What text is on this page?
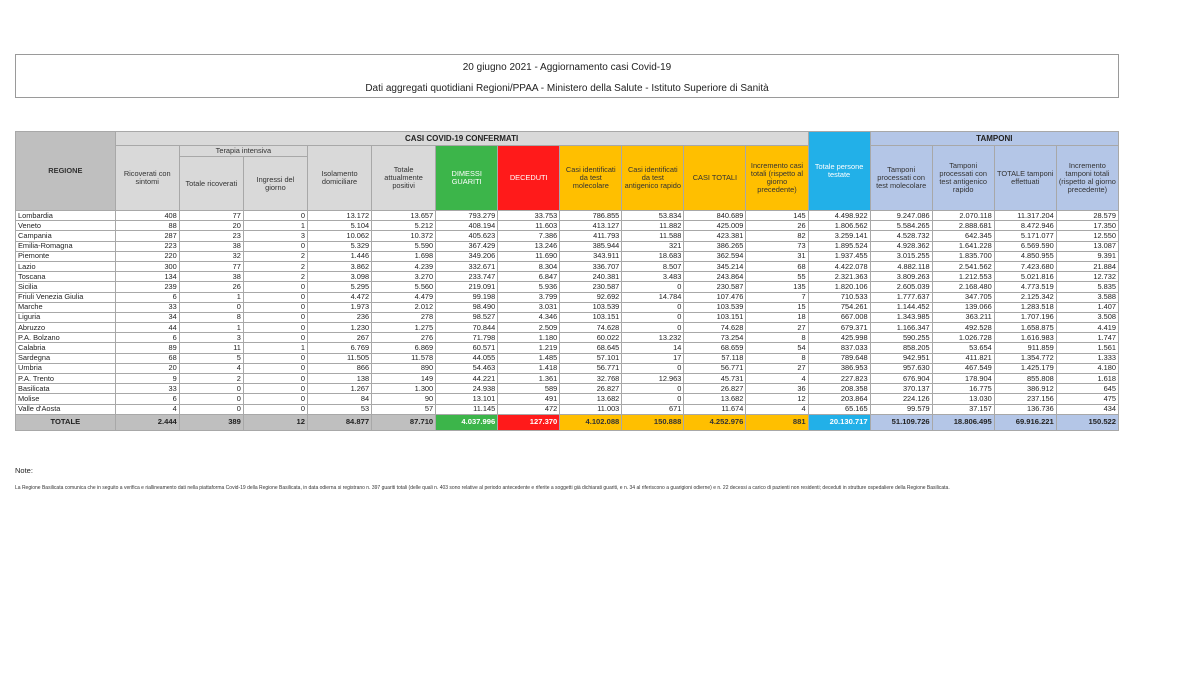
20 giugno 2021 - Aggiornamento casi Covid-19
Dati aggregati quotidiani Regioni/PPAA - Ministero della Salute - Istituto Superiore di Sanità
REGIONE	CASI COVID-19 CONFERMATI											Totale persone testate	TAMPONI			
	Ricoverati con sintomi	Terapia intensiva		Isolamento domiciliare	Totale attualmente positivi	DIMESSI GUARITI	DECEDUTI	Casi identificati da test molecolare	Casi identificati da test antigenico rapido	CASI TOTALI	Incremento casi totali (rispetto al giorno precedente)		Tamponi processati con test molecolare	Tamponi processati con test antigenico rapido	TOTALE tamponi effettuati	Incremento tamponi totali (rispetto al giorno precedente)
		Totale ricoverati	Ingressi del giorno													
Lombardia	408	77	0	13.172	13.657	793.279	33.753	786.855	53.834	840.689	145	4.498.922	9.247.086	2.070.118	11.317.204	28.579
Veneto	88	20	1	5.104	5.212	408.194	11.603	413.127	11.882	425.009	26	1.806.562	5.584.265	2.888.681	8.472.946	17.350
Campania	287	23	3	10.062	10.372	405.623	7.386	411.793	11.588	423.381	82	3.259.141	4.528.732	642.345	5.171.077	12.550
Emilia-Romagna	223	38	0	5.329	5.590	367.429	13.246	385.944	321	386.265	73	1.895.524	4.928.362	1.641.228	6.569.590	13.087
Piemonte	220	32	2	1.446	1.698	349.206	11.690	343.911	18.683	362.594	31	1.937.455	3.015.255	1.835.700	4.850.955	9.391
Lazio	300	77	2	3.862	4.239	332.671	8.304	336.707	8.507	345.214	68	4.422.078	4.882.118	2.541.562	7.423.680	21.884
Toscana	134	38	2	3.098	3.270	233.747	6.847	240.381	3.483	243.864	55	2.321.363	3.809.263	1.212.553	5.021.816	12.732
Sicilia	239	26	0	5.295	5.560	219.091	5.936	230.587	0	230.587	135	1.820.106	2.605.039	2.168.480	4.773.519	5.835
Friuli Venezia Giulia	6	1	0	4.472	4.479	99.198	3.799	92.692	14.784	107.476	7	710.533	1.777.637	347.705	2.125.342	3.588
Marche	33	0	0	1.973	2.012	98.490	3.031	103.539	0	103.539	15	754.261	1.144.452	139.066	1.283.518	1.407
Liguria	34	8	0	236	278	98.527	4.346	103.151	0	103.151	18	667.008	1.343.985	363.211	1.707.196	3.508
Abruzzo	44	1	0	1.230	1.275	70.844	2.509	74.628	0	74.628	27	679.371	1.166.347	492.528	1.658.875	4.419
P.A. Bolzano	6	3	0	267	276	71.798	1.180	60.022	13.232	73.254	8	425.998	590.255	1.026.728	1.616.983	1.747
Calabria	89	11	1	6.769	6.869	60.571	1.219	68.645	14	68.659	54	837.033	858.205	53.654	911.859	1.561
Sardegna	68	5	0	11.505	11.578	44.055	1.485	57.101	17	57.118	8	789.648	942.951	411.821	1.354.772	1.333
Umbria	20	4	0	866	890	54.463	1.418	56.771	0	56.771	27	386.953	957.630	467.549	1.425.179	4.180
P.A. Trento	9	2	0	138	149	44.221	1.361	32.768	12.963	45.731	4	227.823	676.904	178.904	855.808	1.618
Basilicata	33	0	0	1.267	1.300	24.938	589	26.827	0	26.827	36	208.358	370.137	16.775	386.912	645
Molise	6	0	0	84	90	13.101	491	13.682	0	13.682	12	203.864	224.126	13.030	237.156	475
Valle d'Aosta	4	0	0	53	57	11.145	472	11.003	671	11.674	4	65.165	99.579	37.157	136.736	434
TOTALE	2.444	389	12	84.877	87.710	4.037.996	127.370	4.102.088	150.888	4.252.976	881	20.130.717	51.109.726	18.806.495	69.916.221	150.522
Note:
La Regione Basilicata comunica che in seguito a verifica e riallineamento dati nella piattaforma Covid-19 della Regione Basilicata, in data odierna si registrano n. 397 guariti totali (delle quali n. 403 sono relative al periodo antecedente e riferite a soggetti già dichiarati guariti, e n. 34 al riferiscono a guarigioni odierne) e n. 22 decessi a carico di pazienti non residenti; deceduti in strutture ospedaliere della Regione Basilicata.
